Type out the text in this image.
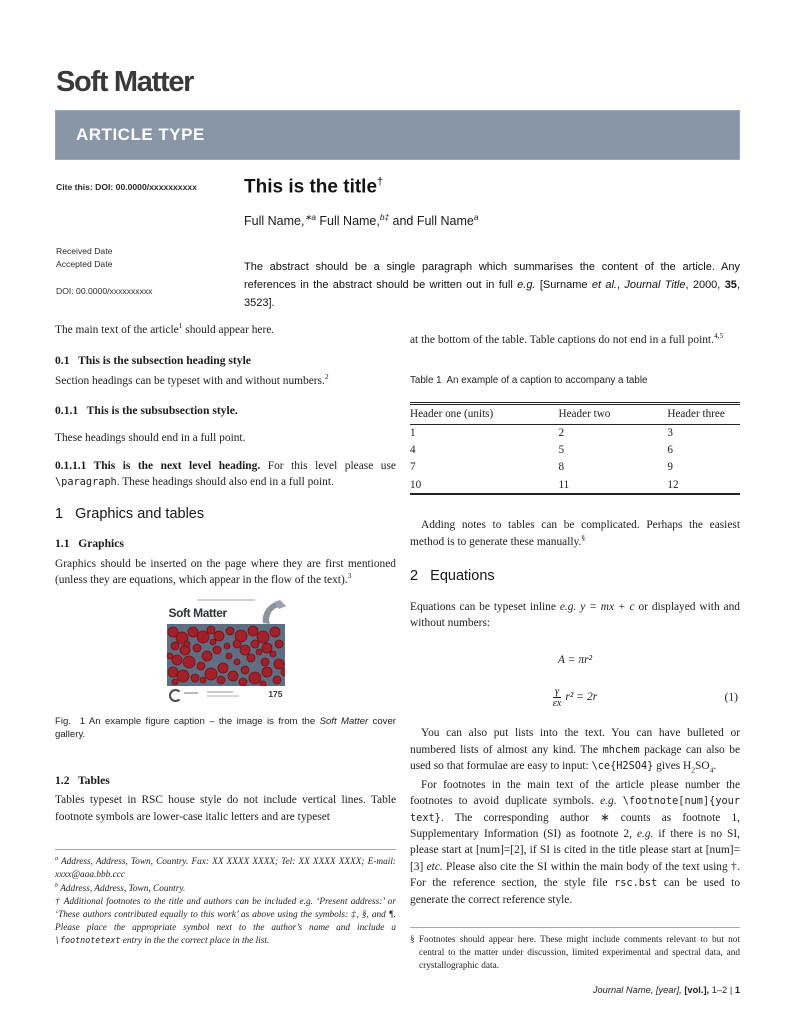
Soft Matter
ARTICLE TYPE
Cite this: DOI: 00.0000/xxxxxxxxxx
Received Date
Accepted Date
DOI: 00.0000/xxxxxxxxxx
This is the title†
Full Name,$^{∗a}$ Full Name,$^{b\ddagger}$ and Full Name$^a$
The abstract should be a single paragraph which summarises the content of the article. Any references in the abstract should be written out in full e.g. [Surname et al., Journal Title, 2000, 35, 3523].

The main text of the article$^1$ should appear here.

0.1   This is the subsection heading style

Section headings can be typeset with and without numbers.$^2$

0.1.1   This is the subsubsection style.

These headings should end in a full point.

0.1.1.1 This is the next level heading. For this level please use \paragraph. These headings should also end in a full point.

1   Graphics and tables
1.1   Graphics

Graphics should be inserted on the page where they are first mentioned (unless they are equations, which appear in the flow of the text).$^3$

Soft Matter
175
Fig.  1 An example figure caption – the image is from the Soft Matter cover gallery.
1.2   Tables

Tables typeset in RSC house style do not include vertical lines. Table footnote symbols are lower-case italic letters and are typeset

$^a$ Address, Address, Town, Country. Fax: XX XXXX XXXX; Tel: XX XXXX XXXX; E-mail: xxxx@aaa.bbb.ccc

$^b$ Address, Address, Town, Country.

† Additional footnotes to the title and authors can be included e.g. ‘Present address:’ or ‘These authors contributed equally to this work’ as above using the symbols: ‡, §, and ¶. Please place the appropriate symbol next to the author’s name and include a \footnotetext entry in the the correct place in the list.

at the bottom of the table. Table captions do not end in a full point.$^{4,5}$

Table 1  An example of a caption to accompany a table
Header one (units)	Header two	Header three
1	2	3
4	5	6
7	8	9
10	11	12

Adding notes to tables can be complicated. Perhaps the easiest method is to generate these manually.§

2   Equations

Equations can be typeset inline e.g. y = mx + c or displayed with and without numbers:

A = πr²
$\frac{\gamma}{\varepsilon x} r^2 = 2r$	(1)

You can also put lists into the text. You can have bulleted or numbered lists of almost any kind. The mhchem package can also be used so that formulae are easy to input: \ce{H2SO4} gives $H_2SO_4$.

For footnotes in the main text of the article please number the footnotes to avoid duplicate symbols. e.g. \footnote[num]{your text}. The corresponding author ∗ counts as footnote 1, Supplementary Information (SI) as footnote 2, e.g. if there is no SI, please start at [num]=[2], if SI is cited in the title please start at [num]=[3] etc. Please also cite the SI within the main body of the text using †. For the reference section, the style file rsc.bst can be used to generate the correct reference style.

§ Footnotes should appear here. These might include comments relevant to but not central to the matter under discussion, limited experimental and spectral data, and crystallographic data.

Journal Name, [year], [vol.], 1–2 | 1
